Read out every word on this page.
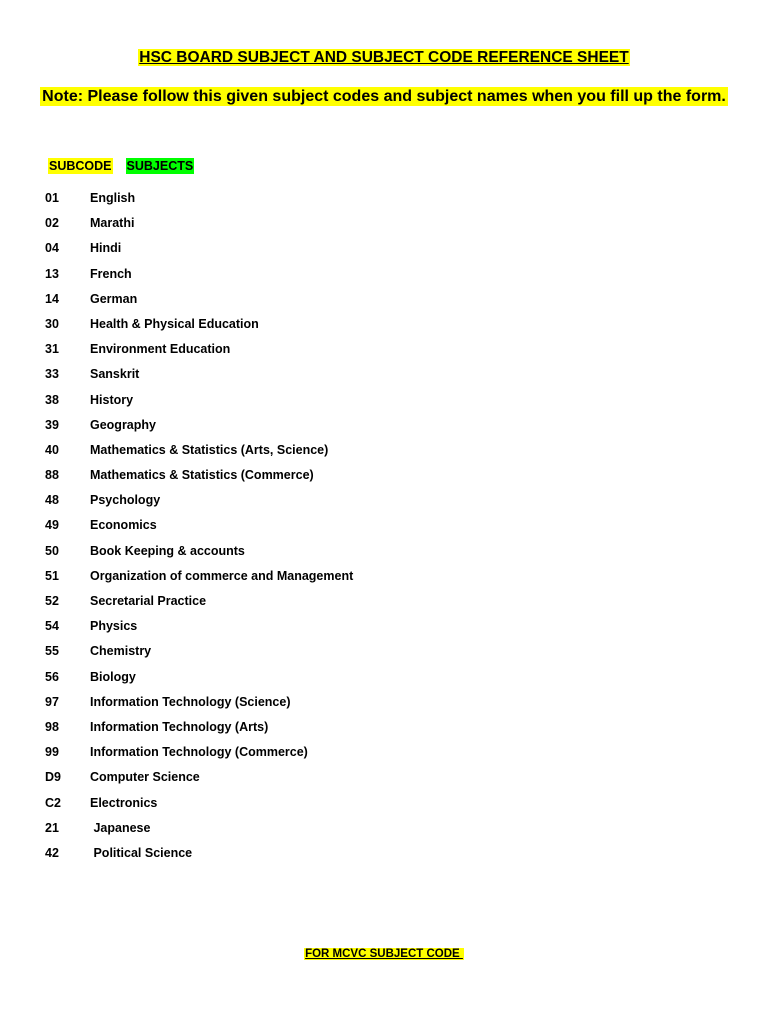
HSC BOARD SUBJECT AND SUBJECT CODE REFERENCE SHEET
Note: Please follow this given subject codes and subject names when you fill up the form.
SUBCODE SUBJECTS
01	English
02	Marathi
04	Hindi
13	French
14	German
30	Health & Physical Education
31	Environment Education
33	Sanskrit
38	History
39	Geography
40	Mathematics & Statistics (Arts, Science)
88	Mathematics & Statistics (Commerce)
48	Psychology
49	Economics
50	Book Keeping & accounts
51	Organization of commerce and Management
52	Secretarial Practice
54	Physics
55	Chemistry
56	Biology
97	Information Technology (Science)
98	Information Technology (Arts)
99	Information Technology (Commerce)
D9	Computer Science
C2	Electronics
21	Japanese
42	Political Science
FOR MCVC SUBJECT CODE
